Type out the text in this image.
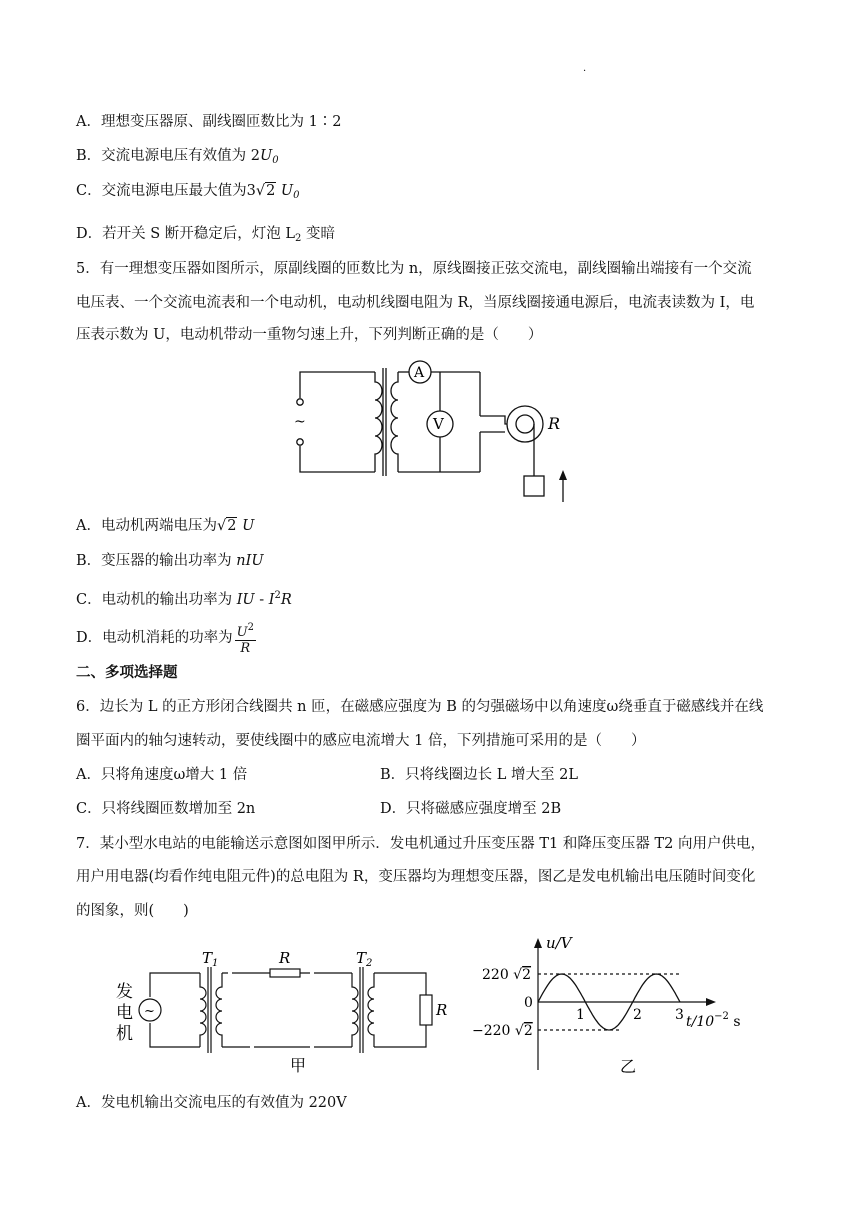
·
A．理想变压器原、副线圈匝数比为 1∶2
B．交流电源电压有效值为 $2U_0$
C．交流电源电压最大值为3√2 $U_0$
D．若开关 S 断开稳定后，灯泡 $L_2$ 变暗
5．有一理想变压器如图所示，原副线圈的匝数比为 n，原线圈接正弦交流电，副线圈输出端接有一个交流
电压表、一个交流电流表和一个电动机，电动机线圈电阻为 R，当原线圈接通电源后，电流表读数为 I，电
压表示数为 U，电动机带动一重物匀速上升，下列判断正确的是（　　）
~
A
V	R
A．电动机两端电压为√2 U
B．变压器的输出功率为 nIU
C．电动机的输出功率为 IU - $I^2R$
D．电动机消耗的功率为 $\frac{U^2}{R}$
二、多项选择题
6．边长为 L 的正方形闭合线圈共 n 匝，在磁感应强度为 B 的匀强磁场中以角速度ω绕垂直于磁感线并在线
圈平面内的轴匀速转动，要使线圈中的感应电流增大 1 倍，下列措施可采用的是（　　）
A．只将角速度ω增大 1 倍	B．只将线圈边长 L 增大至 2L
C．只将线圈匝数增加至 2n	D．只将磁感应强度增至 2B
7．某小型水电站的电能输送示意图如图甲所示．发电机通过升压变压器 T1 和降压变压器 T2 向用户供电，
用户用电器(均看作纯电阻元件)的总电阻为 R，变压器均为理想变压器，图乙是发电机输出电压随时间变化
的图象，则(　　)
~
发
电
机
$T_1$	R	$T_2$
R
甲
u/V
220 √2
0
−220 √2
1	2 3 $t/10^{-2}$ s
乙
A．发电机输出交流电压的有效值为 220V
